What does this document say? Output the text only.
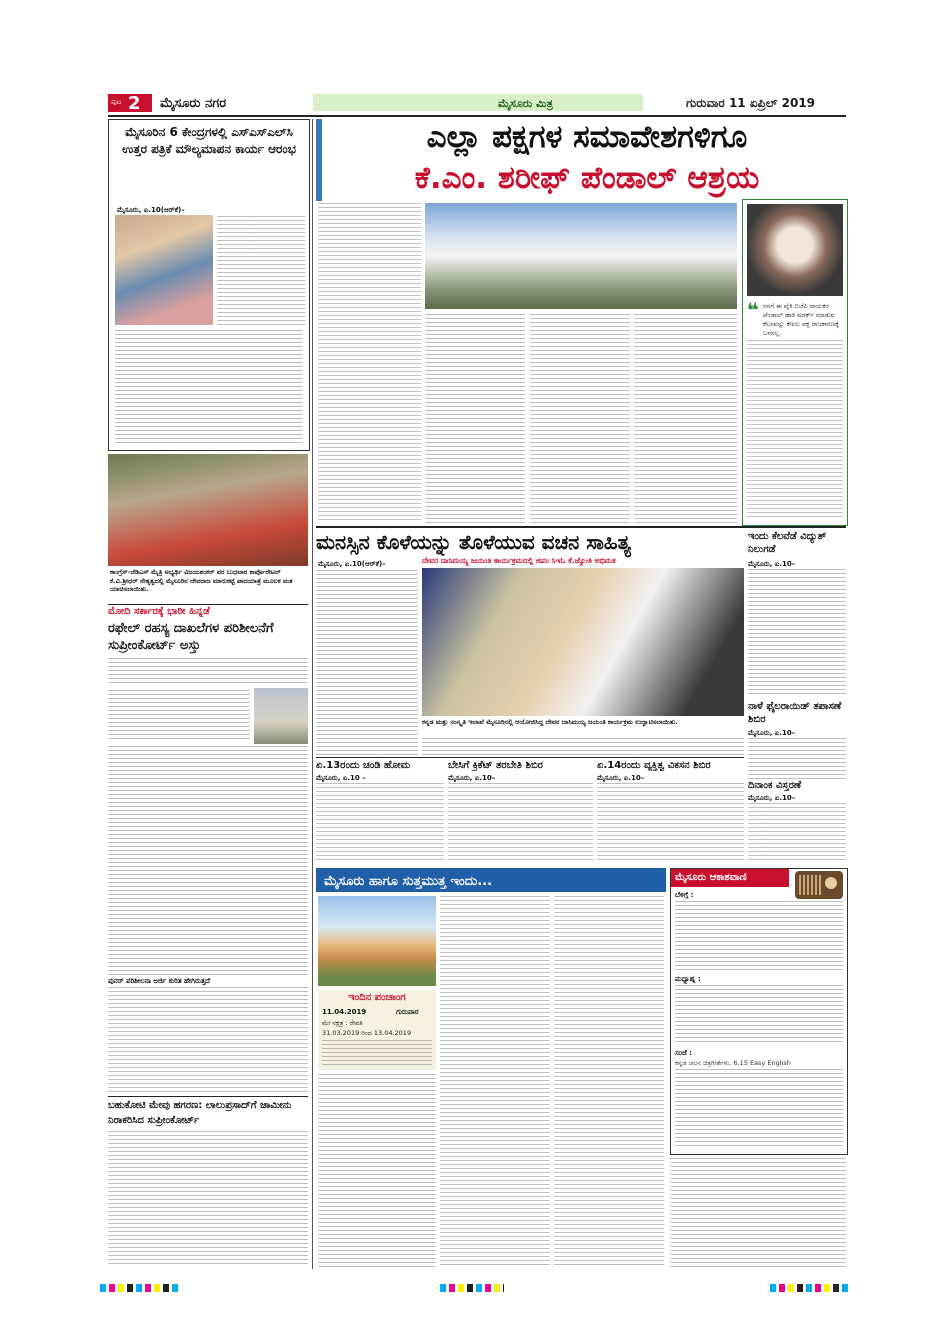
ಪುಟ 2 ಮೈಸೂರು ನಗರ	ಮೈಸೂರು ಮಿತ್ರ	ಗುರುವಾರ 11 ಏಪ್ರಿಲ್ 2019
ಮೈಸೂರಿನ 6 ಕೇಂದ್ರಗಳಲ್ಲಿ ಎಸ್‌ಎಸ್‌ಎಲ್‌ಸಿ ಉತ್ತರ ಪತ್ರಿಕೆ ಮೌಲ್ಯಮಾಪನ ಕಾರ್ಯ ಆರಂಭ
ಮೈಸೂರು, ಏ.10(ಆರ್‌ಕೆ)–
ಕಾಂಗ್ರೆಸ್-ಜೆಡಿಎಸ್ ಮೈತ್ರಿ ಅಭ್ಯರ್ಥಿ ವಿಜಯಶಂಕರ್ ಪರ ಬುಧವಾರ ಕಾರ್ಪೊರೇಟರ್ ಕೆ.ವಿ.ಶ್ರೀಧರ್ ನೇತೃತ್ವದಲ್ಲಿ ಮೈಸೂರಿನ ದೇವರಾಜ ಮಾರುಕಟ್ಟೆ ಪಾದಯಾತ್ರೆ ಮೂಲಕ ಮತ ಯಾಚಿಸಲಾಯಿತು.
ಮೋದಿ ಸರ್ಕಾರಕ್ಕೆ ಭಾರೀ ಹಿನ್ನಡೆ
ರಫೇಲ್ ರಹಸ್ಯ ದಾಖಲೆಗಳ ಪರಿಶೀಲನೆಗೆ ಸುಪ್ರೀಂಕೋರ್ಟ್ ಅಸ್ತು
ಪುನರ್ ಪರಿಶೀಲನಾ ಅರ್ಜಿ ಕುರಿತ ಹೇಗಿರುತ್ತದೆ
ಬಹುಕೋಟಿ ಮೇವು ಹಗರಣ: ಲಾಲುಪ್ರಸಾದ್‌ಗೆ ಜಾಮೀನು ನಿರಾಕರಿಸಿದ ಸುಪ್ರೀಂಕೋರ್ಟ್
ಎಲ್ಲಾ ಪಕ್ಷಗಳ ಸಮಾವೇಶಗಳಿಗೂ
ಕೆ.ಎಂ. ಶರೀಫ್ ಪೆಂಡಾಲ್ ಆಶ್ರಯ
❝ ನನಗೆ ಈ ಪೈಕಿ ಬಿಜೆಪಿ ನಾಯಕರ ಪೆಂಡಾಲ್ ಹಾಕಿ ಮಾರ್ಕ್ ಮಾಡುವ ಕೆಲಸವನ್ನು ಕೇವಲ ಪಕ್ಷ ರಾಜಕಾರಣಕ್ಕೆ ಬಳಸಲ್ಲ.
ಮನಸ್ಸಿನ ಕೊಳೆಯನ್ನು ತೊಳೆಯುವ ವಚನ ಸಾಹಿತ್ಯ
ಮೈಸೂರು, ಏ.10(ಆರ್‌ಕೆ)–	ದೇವರ ದಾಸಿಮಯ್ಯ ಜಯಂತಿ ಕಾರ್ಯಕ್ರಮದಲ್ಲಿ ಜಿಪಂ ಸಿಇಓ ಕೆ.ಜ್ಯೋತಿ ಅಭಿಮತ
ಕನ್ನಡ ಮತ್ತು ಸಂಸ್ಕೃತಿ ಇಲಾಖೆ ಮೈಸೂರಿನಲ್ಲಿ ಆಯೋಜಿಸಿದ್ದ ದೇವರ ದಾಸಿಮಯ್ಯ ಜಯಂತಿ ಕಾರ್ಯಕ್ರಮ ಉದ್ಘಾಟಿಸಲಾಯಿತು.
ಇಂದು ಕೆಲವೆಡೆ ವಿದ್ಯುತ್ ನಿಲುಗಡೆ
ಮೈಸೂರು, ಏ.10–
ನಾಳೆ ಫೈಲರಾಯಿಡ್ ತಪಾಸಣೆ ಶಿಬಿರ
ಮೈಸೂರು, ಏ.10–
ದಿನಾಂಕ ವಿಸ್ತರಣೆ
ಮೈಸೂರು, ಏ.10–
ಏ.13ರಂದು ಚಂಡಿ ಹೋಮ
ಮೈಸೂರು, ಏ.10 –
ಬೇಸಿಗೆ ಕ್ರಿಕೆಟ್ ತರಬೇತಿ ಶಿಬಿರ
ಮೈಸೂರು, ಏ.10–
ಏ.14ರಂದು ವ್ಯಕ್ತಿತ್ವ ವಿಕಸನ ಶಿಬಿರ
ಮೈಸೂರು, ಏ.10–
ಮೈಸೂರು ಹಾಗೂ ಸುತ್ತಮುತ್ತ ಇಂದು...
ಇಂದಿನ ಪಂಚಾಂಗ
11.04.2019	ಗುರುವಾರ
ಮೇ ನಕ್ಷತ್ರ : ರೇವತಿ
31.03.2019 ರಿಂದ 13.04.2019
ಮೈಸೂರು ಆಕಾಶವಾಣಿ
ಬೆಳಿಗ್ಗೆ :
ಮಧ್ಯಾಹ್ನ :
ಸಂಜೆ :
ಕನ್ನಡ ಚಲನ ಚಿತ್ರಗೀತೆಗಳು. 6.15 Easy English
